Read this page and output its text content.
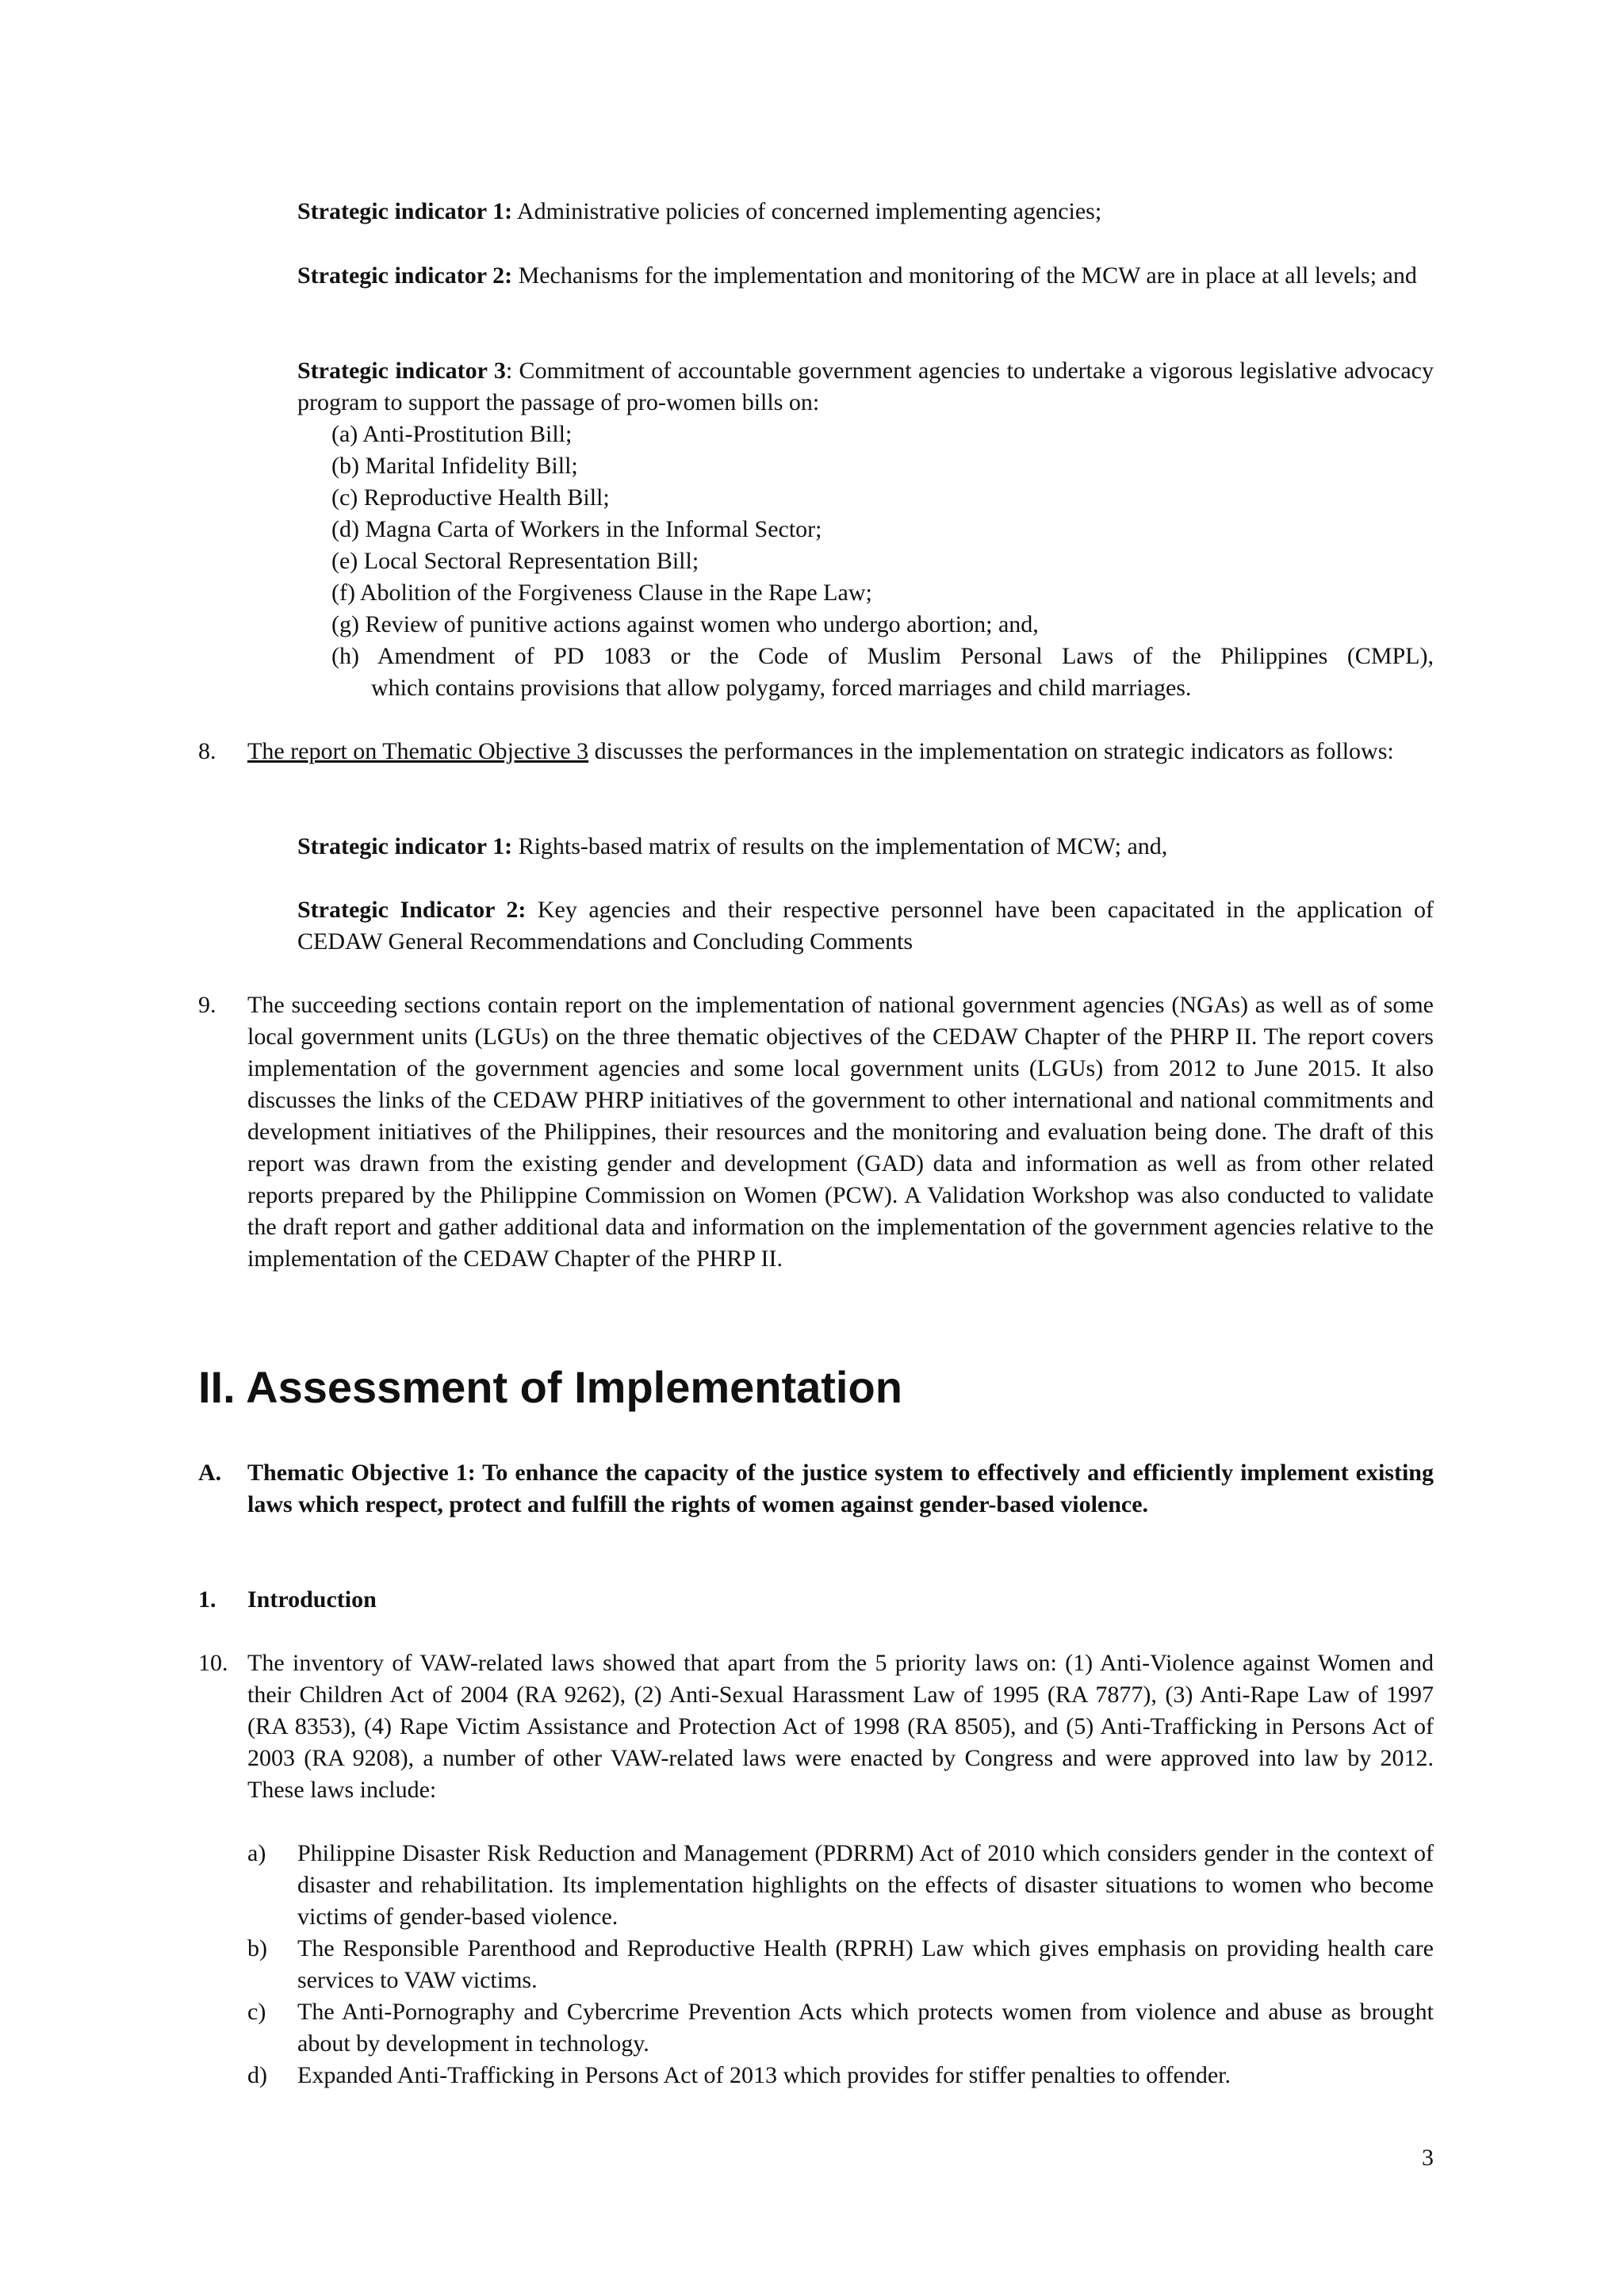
Strategic indicator 1: Administrative policies of concerned implementing agencies;
Strategic indicator 2: Mechanisms for the implementation and monitoring of the MCW are in place at all levels; and
Strategic indicator 3: Commitment of accountable government agencies to undertake a vigorous legislative advocacy program to support the passage of pro-women bills on:
(a) Anti-Prostitution Bill;
(b) Marital Infidelity Bill;
(c) Reproductive Health Bill;
(d) Magna Carta of Workers in the Informal Sector;
(e) Local Sectoral Representation Bill;
(f) Abolition of the Forgiveness Clause in the Rape Law;
(g) Review of punitive actions against women who undergo abortion; and,
(h) Amendment of PD 1083 or the Code of Muslim Personal Laws of the Philippines (CMPL),
which contains provisions that allow polygamy, forced marriages and child marriages.
8.	The report on Thematic Objective 3 discusses the performances in the implementation on strategic indicators as follows:
Strategic indicator 1: Rights-based matrix of results on the implementation of MCW; and,
Strategic Indicator 2: Key agencies and their respective personnel have been capacitated in the application of CEDAW General Recommendations and Concluding Comments
9.	The succeeding sections contain report on the implementation of national government agencies (NGAs) as well as of some local government units (LGUs) on the three thematic objectives of the CEDAW Chapter of the PHRP II. The report covers implementation of the government agencies and some local government units (LGUs) from 2012 to June 2015. It also discusses the links of the CEDAW PHRP initiatives of the government to other international and national commitments and development initiatives of the Philippines, their resources and the monitoring and evaluation being done. The draft of this report was drawn from the existing gender and development (GAD) data and information as well as from other related reports prepared by the Philippine Commission on Women (PCW). A Validation Workshop was also conducted to validate the draft report and gather additional data and information on the implementation of the government agencies relative to the implementation of the CEDAW Chapter of the PHRP II.
II. Assessment of Implementation
A.	Thematic Objective 1: To enhance the capacity of the justice system to effectively and efficiently implement existing laws which respect, protect and fulfill the rights of women against gender-based violence.
1.	Introduction
10. The inventory of VAW-related laws showed that apart from the 5 priority laws on: (1) Anti-Violence against Women and their Children Act of 2004 (RA 9262), (2) Anti-Sexual Harassment Law of 1995 (RA 7877), (3) Anti-Rape Law of 1997 (RA 8353), (4) Rape Victim Assistance and Protection Act of 1998 (RA 8505), and (5) Anti-Trafficking in Persons Act of 2003 (RA 9208), a number of other VAW-related laws were enacted by Congress and were approved into law by 2012. These laws include:
a)	Philippine Disaster Risk Reduction and Management (PDRRM) Act of 2010 which considers gender in the context of disaster and rehabilitation. Its implementation highlights on the effects of disaster situations to women who become victims of gender-based violence.
b)	The Responsible Parenthood and Reproductive Health (RPRH) Law which gives emphasis on providing health care services to VAW victims.
c)	The Anti-Pornography and Cybercrime Prevention Acts which protects women from violence and abuse as brought about by development in technology.
d)	Expanded Anti-Trafficking in Persons Act of 2013 which provides for stiffer penalties to offender.
3
